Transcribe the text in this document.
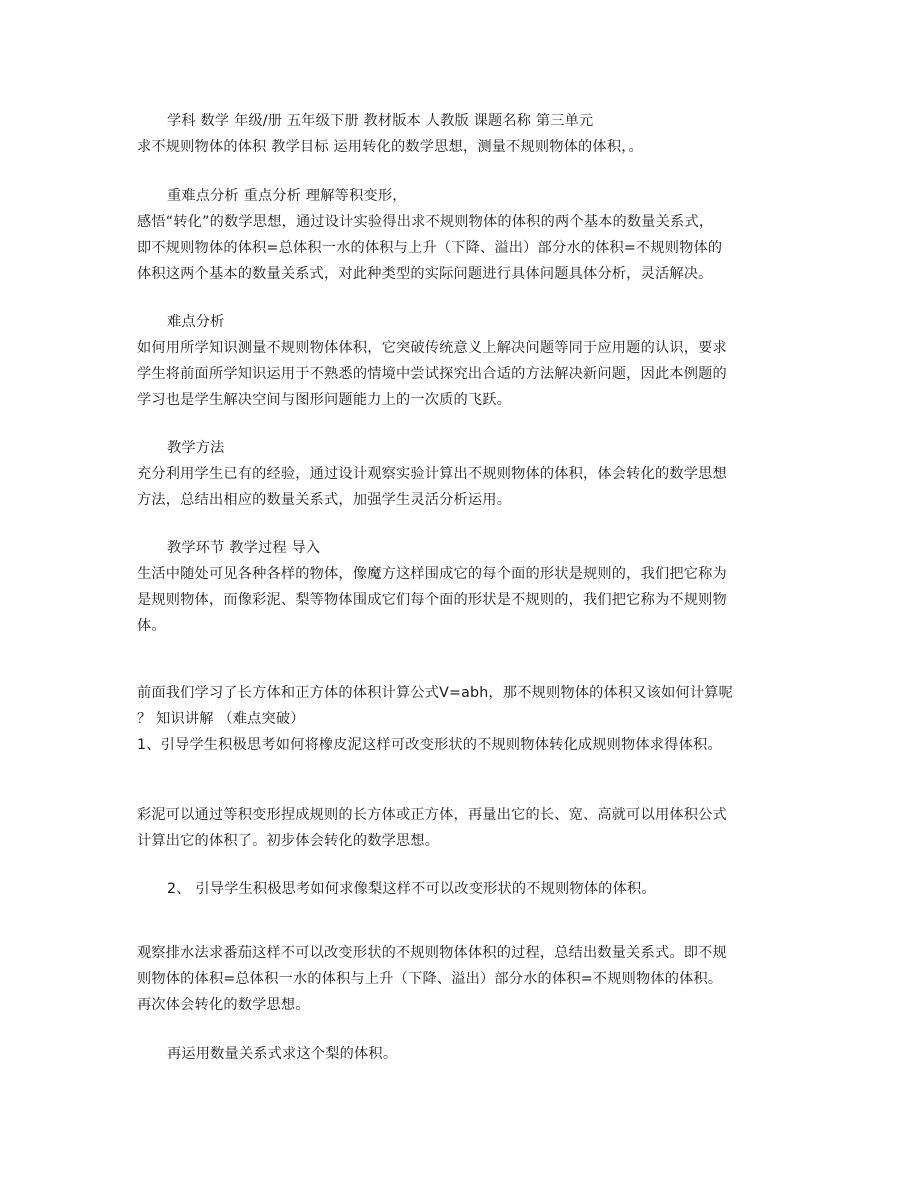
学科 数学 年级/册 五年级下册 教材版本 人教版 课题名称 第三单元
求不规则物体的体积 教学目标 运用转化的数学思想，测量不规则物体的体积，。
重难点分析 重点分析 理解等积变形，
感悟“转化”的数学思想，通过设计实验得出求不规则物体的体积的两个基本的数量关系式，
即不规则物体的体积=总体积一水的体积与上升（下降、溢出）部分水的体积=不规则物体的
体积这两个基本的数量关系式，对此种类型的实际问题进行具体问题具体分析，灵活解决。
难点分析
如何用所学知识测量不规则物体体积，它突破传统意义上解决问题等同于应用题的认识，要求
学生将前面所学知识运用于不熟悉的情境中尝试探究出合适的方法解决新问题，因此本例题的
学习也是学生解决空间与图形问题能力上的一次质的飞跃。
教学方法
充分利用学生已有的经验，通过设计观察实验计算出不规则物体的体积，体会转化的数学思想
方法，总结出相应的数量关系式，加强学生灵活分析运用。
教学环节 教学过程 导入
生活中随处可见各种各样的物体，像魔方这样围成它的每个面的形状是规则的，我们把它称为
是规则物体，而像彩泥、梨等物体围成它们每个面的形状是不规则的，我们把它称为不规则物
体。
前面我们学习了长方体和正方体的体积计算公式V=abh，那不规则物体的体积又该如何计算呢
？ 知识讲解 （难点突破）
1、引导学生积极思考如何将橡皮泥这样可改变形状的不规则物体转化成规则物体求得体积。
彩泥可以通过等积变形捏成规则的长方体或正方体，再量出它的长、宽、高就可以用体积公式
计算出它的体积了。初步体会转化的数学思想。
2、 引导学生积极思考如何求像梨这样不可以改变形状的不规则物体的体积。
观察排水法求番茄这样不可以改变形状的不规则物体体积的过程，总结出数量关系式。即不规
则物体的体积=总体积一水的体积与上升（下降、溢出）部分水的体积=不规则物体的体积。
再次体会转化的数学思想。
再运用数量关系式求这个梨的体积。
